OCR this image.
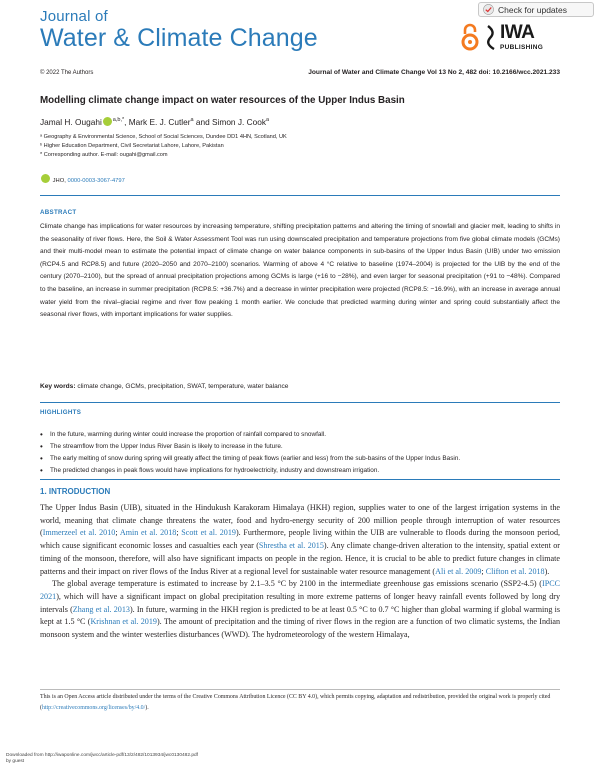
Journal of
Water & Climate Change
Check for updates
IWA
PUBLISHING
© 2022 The Authors	Journal of Water and Climate Change Vol 13 No 2, 482 doi: 10.2166/wcc.2021.233
Modelling climate change impact on water resources of the Upper Indus Basin
Jamal H. Ougahi $^{a,b,*}$, Mark E. J. Cutler$^a$ and Simon J. Cook$^a$
ᵃ Geography & Environmental Science, School of Social Sciences, Dundee DD1 4HN, Scotland, UK
ᵇ Higher Education Department, Civil Secretariat Lahore, Lahore, Pakistan
* Corresponding author. E-mail: ougahi@gmail.com
JHO, 0000-0003-3067-4797
ABSTRACT
Climate change has implications for water resources by increasing temperature, shifting precipitation patterns and altering the timing of snowfall and glacier melt, leading to shifts in the seasonality of river flows. Here, the Soil & Water Assessment Tool was run using downscaled precipitation and temperature projections from five global climate models (GCMs) and their multi-model mean to estimate the potential impact of climate change on water balance components in sub-basins of the Upper Indus Basin (UIB) under two emission (RCP4.5 and RCP8.5) and future (2020–2050 and 2070–2100) scenarios. Warming of above 4 °C relative to baseline (1974–2004) is projected for the UIB by the end of the century (2070–2100), but the spread of annual precipitation projections among GCMs is large (+16 to −28%), and even larger for seasonal precipitation (+91 to −48%). Compared to the baseline, an increase in summer precipitation (RCP8.5: +36.7%) and a decrease in winter precipitation were projected (RCP8.5: −16.9%), with an increase in average annual water yield from the nival–glacial regime and river flow peaking 1 month earlier. We conclude that predicted warming during winter and spring could substantially affect the seasonal river flows, with important implications for water supplies.
Key words: climate change, GCMs, precipitation, SWAT, temperature, water balance
HIGHLIGHTS
• In the future, warming during winter could increase the proportion of rainfall compared to snowfall.
• The streamflow from the Upper Indus River Basin is likely to increase in the future.
• The early melting of snow during spring will greatly affect the timing of peak flows (earlier and less) from the sub-basins of the Upper Indus Basin.
• The predicted changes in peak flows would have implications for hydroelectricity, industry and downstream irrigation.
1. INTRODUCTION

The Upper Indus Basin (UIB), situated in the Hindukush Karakoram Himalaya (HKH) region, supplies water to one of the largest irrigation systems in the world, meaning that climate change threatens the water, food and hydro-energy security of 200 million people through interruption of water resources (Immerzeel et al. 2010; Amin et al. 2018; Scott et al. 2019). Furthermore, people living within the UIB are vulnerable to floods during the monsoon period, which cause significant economic losses and casualties each year (Shrestha et al. 2015). Any climate change-driven alteration to the intensity, spatial extent or timing of the monsoon, therefore, will also have significant impacts on people in the region. Hence, it is crucial to be able to predict future changes in climate patterns and their impact on river flows of the Indus River at a regional level for sustainable water resource management (Ali et al. 2009; Clifton et al. 2018).

The global average temperature is estimated to increase by 2.1–3.5 °C by 2100 in the intermediate greenhouse gas emissions scenario (SSP2-4.5) (IPCC 2021), which will have a significant impact on global precipitation resulting in more extreme patterns of longer heavy rainfall events followed by long dry intervals (Zhang et al. 2013). In future, warming in the HKH region is predicted to be at least 0.5 °C to 0.7 °C higher than global warming if global warming is kept at 1.5 °C (Krishnan et al. 2019). The amount of precipitation and the timing of river flows in the region are a function of two climatic systems, the Indian monsoon system and the winter westerlies disturbances (WWD). The hydrometeorology of the western Himalaya,

This is an Open Access article distributed under the terms of the Creative Commons Attribution Licence (CC BY 4.0), which permits copying, adaptation and redistribution, provided the original work is properly cited (http://creativecommons.org/licenses/by/4.0/).
Downloaded from http://iwaponline.com/jwcc/article-pdf/13/2/482/1013934/jwc0130482.pdf
by guest
